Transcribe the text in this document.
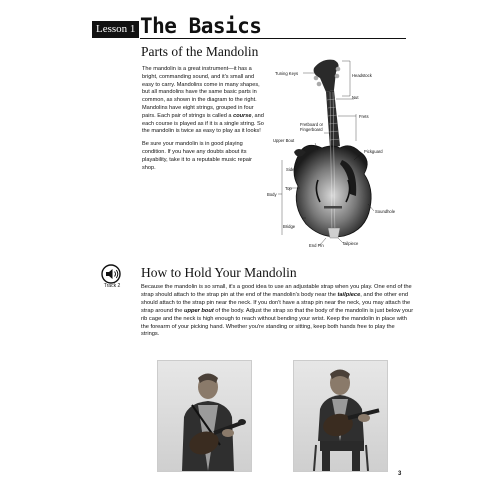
Lesson 1 The Basics
Parts of the Mandolin

The mandolin is a great instrument—it has a bright, commanding sound, and it's small and easy to carry. Mandolins come in many shapes, but all mandolins have the same basic parts in common, as shown in the diagram to the right. Mandolins have eight strings, grouped in four pairs. Each pair of strings is called a course, and each course is played as if it is a single string. So the mandolin is twice as easy to play as it looks!

Be sure your mandolin is in good playing condition. If you have any doubts about its playability, take it to a reputable music repair shop.

Tuning Keys	Headstock
Nut
Frets
Fretboard or
Fingerboard
Upper Bout
Pickguard
Side
Top
Body
Soundhole
Bridge
End Pin	Tailpiece
Track 2
How to Hold Your Mandolin

Because the mandolin is so small, it's a good idea to use an adjustable strap when you play. One end of the strap should attach to the strap pin at the end of the mandolin's body near the tailpiece, and the other end should attach to the strap pin near the neck. If you don't have a strap pin near the neck, you may attach the strap around the upper bout of the body. Adjust the strap so that the body of the mandolin is just below your rib cage and the neck is high enough to reach without bending your wrist. Keep the mandolin in place with the forearm of your picking hand. Whether you're standing or sitting, keep both hands free to play the strings.

3
